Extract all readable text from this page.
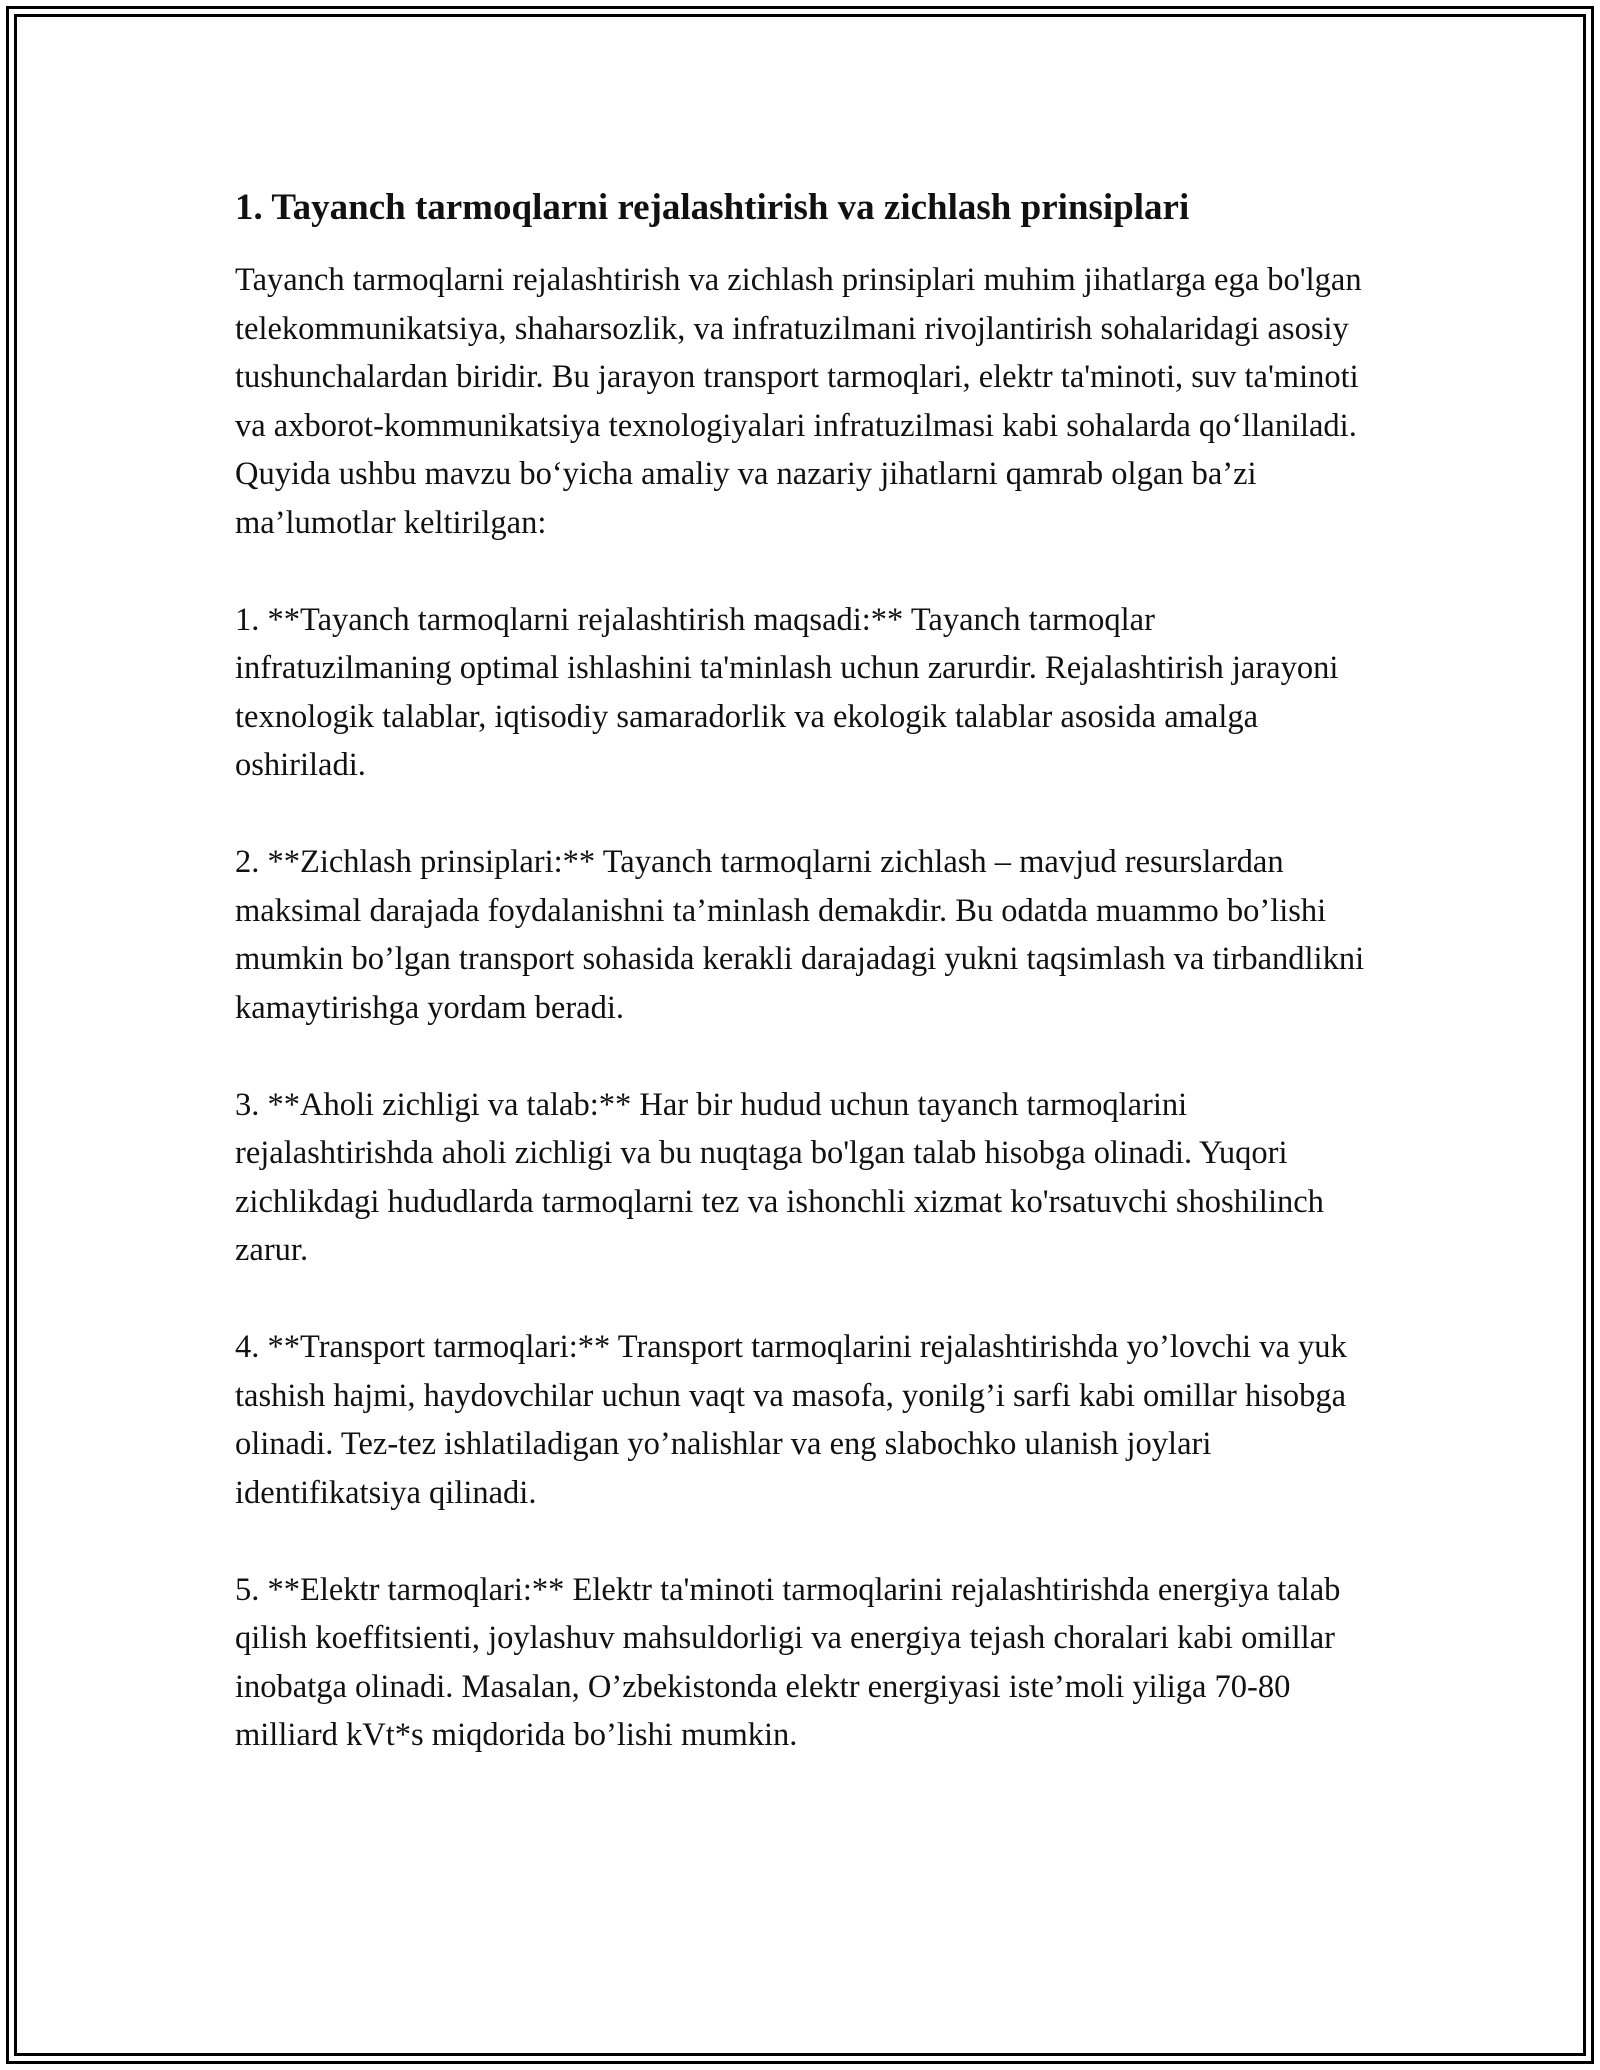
1. Tayanch tarmoqlarni rejalashtirish va zichlash prinsiplari

Tayanch tarmoqlarni rejalashtirish va zichlash prinsiplari muhim jihatlarga ega bo'lgan telekommunikatsiya, shaharsozlik, va infratuzilmani rivojlantirish sohalaridagi asosiy tushunchalardan biridir. Bu jarayon transport tarmoqlari, elektr ta'minoti, suv ta'minoti va axborot-kommunikatsiya texnologiyalari infratuzilmasi kabi sohalarda qo‘llaniladi. Quyida ushbu mavzu bo‘yicha amaliy va nazariy jihatlarni qamrab olgan ba’zi ma’lumotlar keltirilgan:

1. **Tayanch tarmoqlarni rejalashtirish maqsadi:** Tayanch tarmoqlar infratuzilmaning optimal ishlashini ta'minlash uchun zarurdir. Rejalashtirish jarayoni texnologik talablar, iqtisodiy samaradorlik va ekologik talablar asosida amalga oshiriladi.

2. **Zichlash prinsiplari:** Tayanch tarmoqlarni zichlash – mavjud resurslardan maksimal darajada foydalanishni ta’minlash demakdir. Bu odatda muammo bo’lishi mumkin bo’lgan transport sohasida kerakli darajadagi yukni taqsimlash va tirbandlikni kamaytirishga yordam beradi.

3. **Aholi zichligi va talab:** Har bir hudud uchun tayanch tarmoqlarini rejalashtirishda aholi zichligi va bu nuqtaga bo'lgan talab hisobga olinadi. Yuqori zichlikdagi hududlarda tarmoqlarni tez va ishonchli xizmat ko'rsatuvchi shoshilinch zarur.

4. **Transport tarmoqlari:** Transport tarmoqlarini rejalashtirishda yo’lovchi va yuk tashish hajmi, haydovchilar uchun vaqt va masofa, yonilg’i sarfi kabi omillar hisobga olinadi. Tez-tez ishlatiladigan yo’nalishlar va eng slabochko ulanish joylari identifikatsiya qilinadi.

5. **Elektr tarmoqlari:** Elektr ta'minoti tarmoqlarini rejalashtirishda energiya talab qilish koeffitsienti, joylashuv mahsuldorligi va energiya tejash choralari kabi omillar inobatga olinadi. Masalan, O’zbekistonda elektr energiyasi iste’moli yiliga 70-80 milliard kVt*s miqdorida bo’lishi mumkin.
